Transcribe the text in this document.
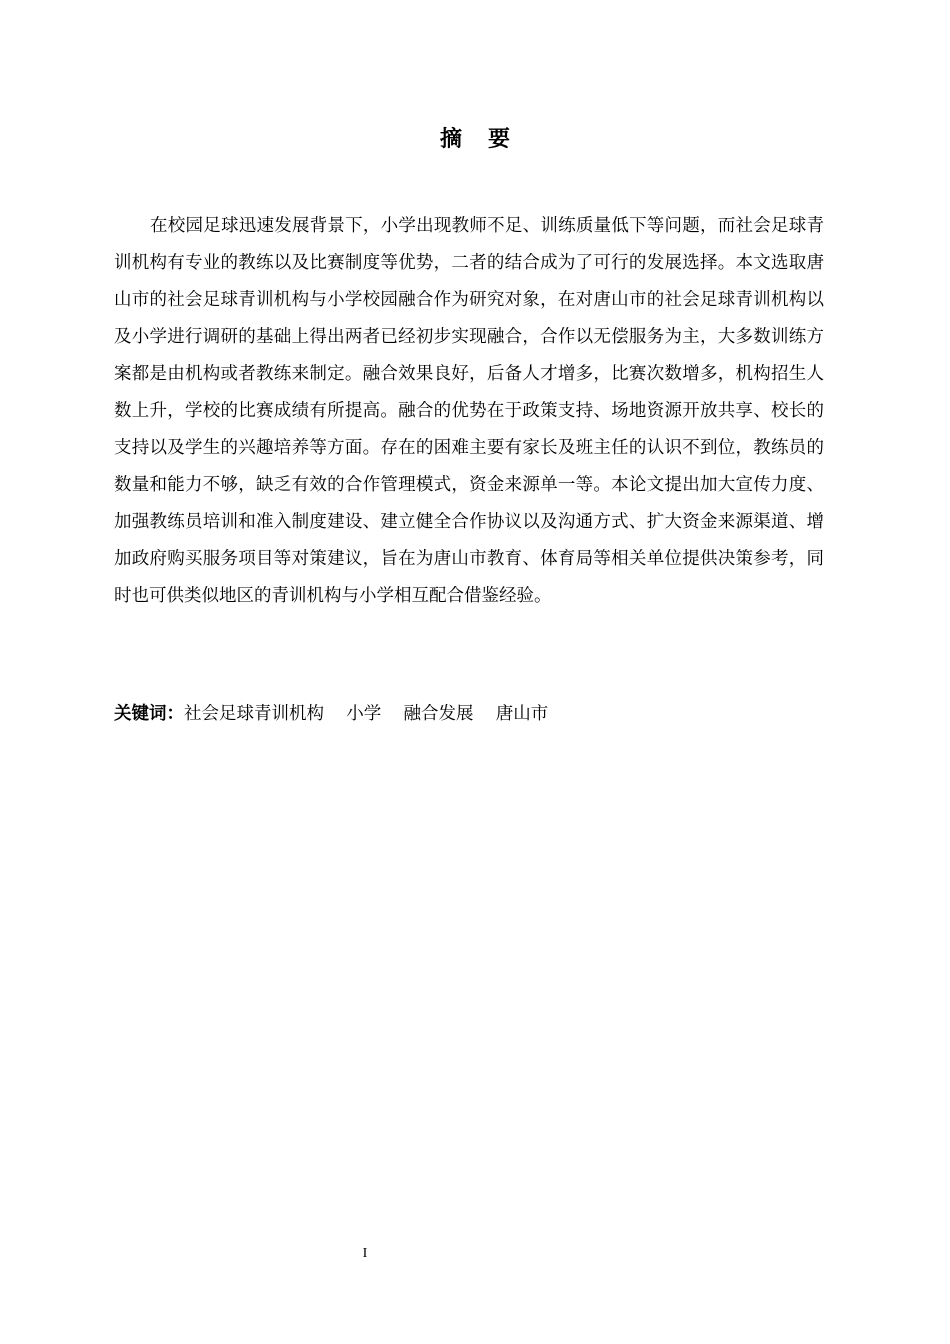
摘要

在校园足球迅速发展背景下，小学出现教师不足、训练质量低下等问题，而社会足球青训机构有专业的教练以及比赛制度等优势，二者的结合成为了可行的发展选择。本文选取唐山市的社会足球青训机构与小学校园融合作为研究对象，在对唐山市的社会足球青训机构以及小学进行调研的基础上得出两者已经初步实现融合，合作以无偿服务为主，大多数训练方案都是由机构或者教练来制定。融合效果良好，后备人才增多，比赛次数增多，机构招生人数上升，学校的比赛成绩有所提高。融合的优势在于政策支持、场地资源开放共享、校长的支持以及学生的兴趣培养等方面。存在的困难主要有家长及班主任的认识不到位，教练员的数量和能力不够，缺乏有效的合作管理模式，资金来源单一等。本论文提出加大宣传力度、加强教练员培训和准入制度建设、建立健全合作协议以及沟通方式、扩大资金来源渠道、增加政府购买服务项目等对策建议，旨在为唐山市教育、体育局等相关单位提供决策参考，同时也可供类似地区的青训机构与小学相互配合借鉴经验。

关键词：社会足球青训机构 小学 融合发展 唐山市

I
